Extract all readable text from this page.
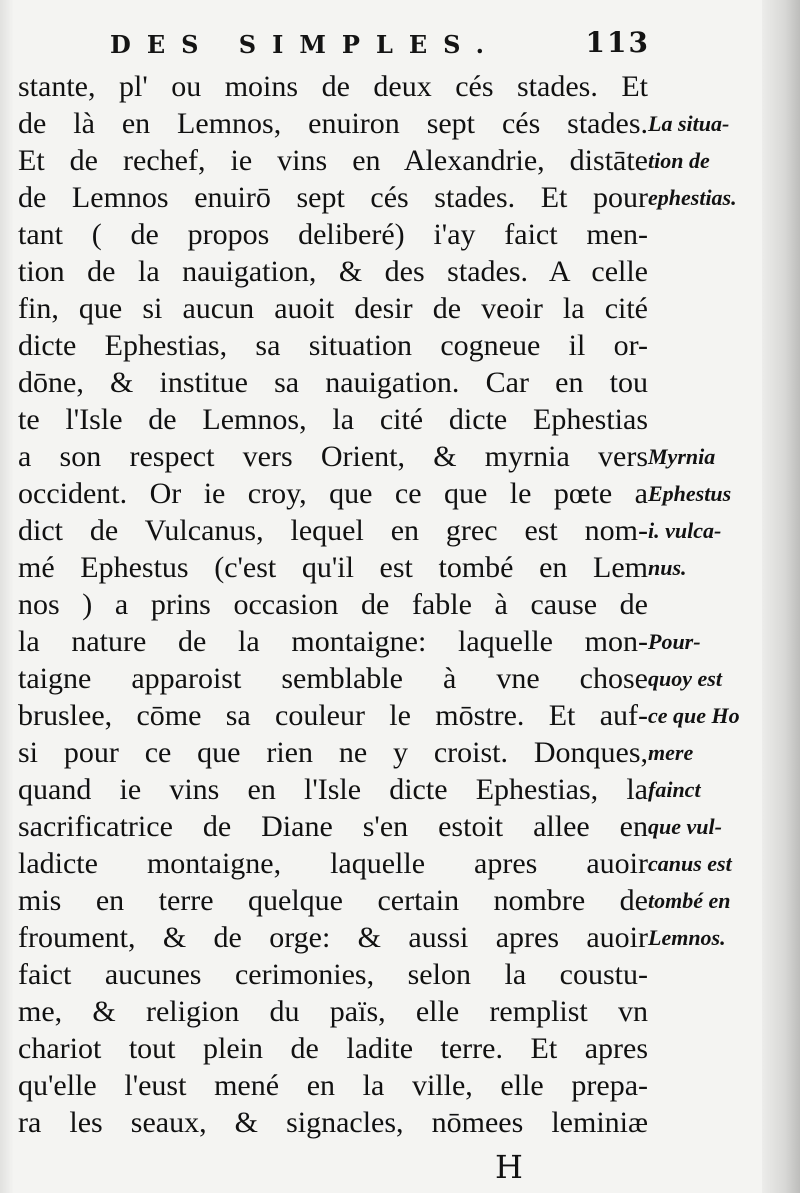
DES SIMPLES.	113
stante, pl' ou moins de deux cés stades. Et
de là en Lemnos, enuiron sept cés stades.
Et de rechef, ie vins en Alexandrie, distāte
de Lemnos enuirō sept cés stades. Et pour
tant ( de propos deliberé) i'ay faict men-
tion de la nauigation, & des stades. A celle
fin, que si aucun auoit desir de veoir la cité
dicte Ephestias, sa situation cogneue il or-
dōne, & institue sa nauigation. Car en tou
te l'Isle de Lemnos, la cité dicte Ephestias
a son respect vers Orient, & myrnia vers
occident. Or ie croy, que ce que le pœte a
dict de Vulcanus, lequel en grec est nom-
mé Ephestus (c'est qu'il est tombé en Lem
nos ) a prins occasion de fable à cause de
la nature de la montaigne: laquelle mon-
taigne apparoist semblable à vne chose
bruslee, cōme sa couleur le mōstre. Et auf-
si pour ce que rien ne y croist. Donques,
quand ie vins en l'Isle dicte Ephestias, la
sacrificatrice de Diane s'en estoit allee en
ladicte montaigne, laquelle apres auoir
mis en terre quelque certain nombre de
froument, & de orge: & aussi apres auoir
faict aucunes cerimonies, selon la coustu-
me, & religion du païs, elle remplist vn
chariot tout plein de ladite terre. Et apres
qu'elle l'eust mené en la ville, elle prepa-
ra les seaux, & signacles, nōmees leminiæ
La situa-
tion de
ephestias.
Myrnia
Ephestus
i. vulca-
nus.
Pour-
quoy est
ce que Ho
mere
fainct
que vul-
canus est
tombé en
Lemnos.
H
